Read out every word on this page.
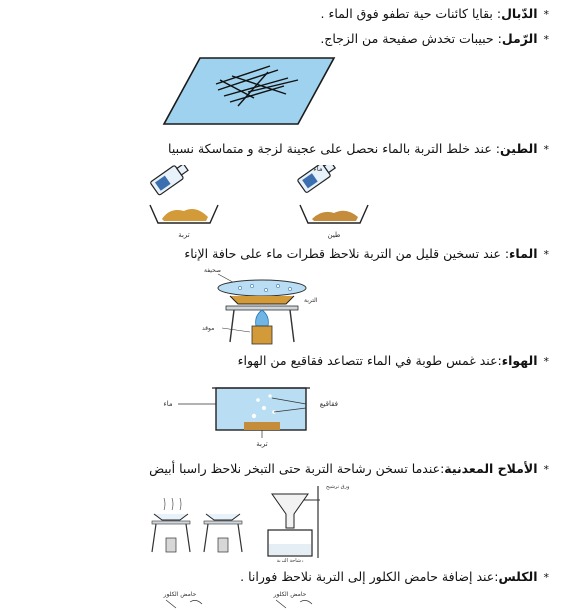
*الدّبال: بقايا كائنات حية تطفو فوق الماء .
*الرّمل: حبيبات تخدش صفيحة من الزجاج.
*الطين: عند خلط التربة بالماء نحصل على عجينة لزجة و متماسكة نسبيا
*الماء: عند تسخين قليل من التربة نلاحظ قطرات ماء على حافة الإناء
*الهواء:عند غمس طوبة في الماء تتصاعد فقاقيع من الهواء
*الأملاح المعدنية:عندما تسخن رشاحة التربة حتى التبخر نلاحظ راسبا أبيض
*الكلس:عند إضافة حامض الكلور إلى التربة نلاحظ فورانا .
تربة
ماء
طين
صحيفة
التربة
موقد
ماء	فقاقيع
تربة
ورق ترشيح
رشاحة التربة
حامض الكلور	حامض الكلور
